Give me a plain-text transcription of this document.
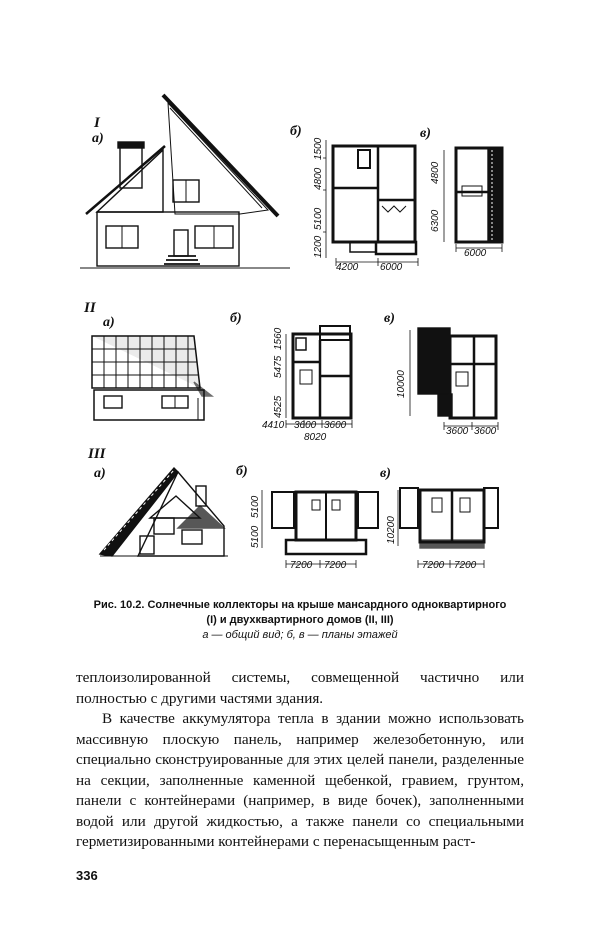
I
а)	б)	в)
1200
5100
4800
1500
4200 6000
6300
4800
6000
II
а)	б)	в)
4525
5475
1560
4410 3600 3600
8020
10000
3600 3600
III
а)	б)	в)
5100
5100
7200 7200
10200
7200 7200
Рис. 10.2. Солнечные коллекторы на крыше мансардного одноквартирного
(I) и двухквартирного домов (II, III)
а — общий вид; б, в — планы этажей

теплоизолированной системы, совмещенной частично или полностью с другими частями здания.

В качестве аккумулятора тепла в здании можно использовать массивную плоскую панель, например железобетонную, или специально сконструированные для этих целей панели, разделенные на секции, заполненные каменной щебенкой, гравием, грунтом, панели с контейнерами (например, в виде бочек), заполненными водой или другой жидкостью, а также панели со специальными герметизированными контейнерами с перенасыщенным раст-

336
